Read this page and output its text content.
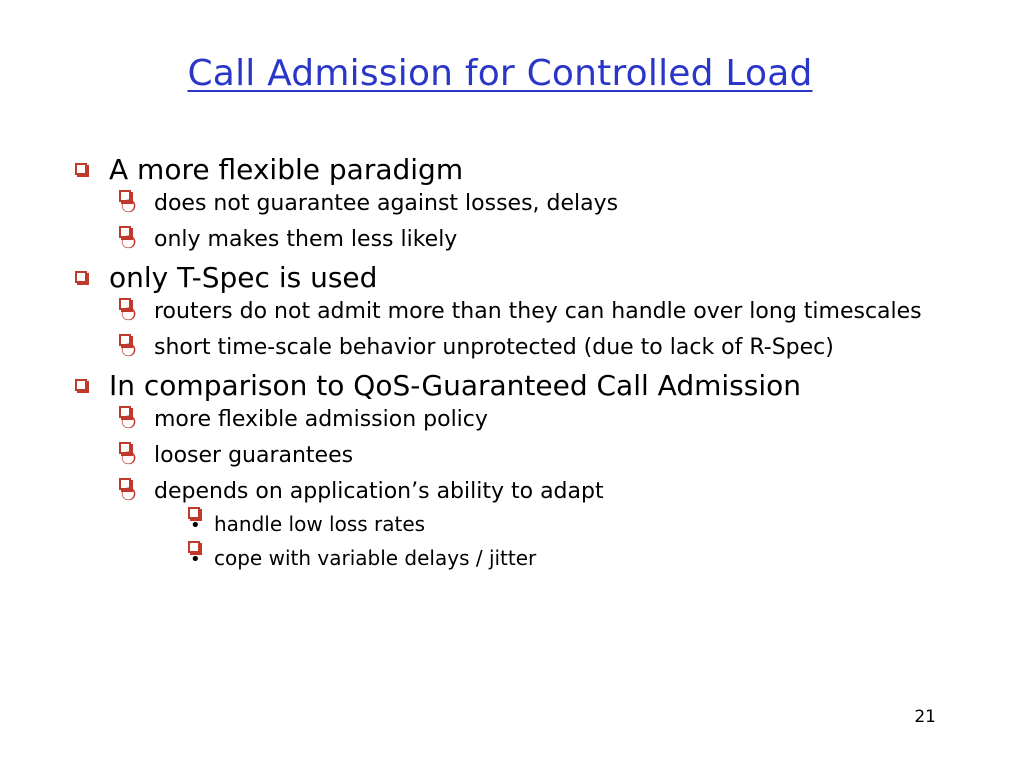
Call Admission for Controlled Load
A more flexible paradigm
❍ does not guarantee against losses, delays
❍ only makes them less likely
only T-Spec is used
❍ routers do not admit more than they can handle over long timescales
❍ short time-scale behavior unprotected (due to lack of R-Spec)
In comparison to QoS-Guaranteed Call Admission
❍ more flexible admission policy
❍ looser guarantees
❍ depends on application’s ability to adapt
• handle low loss rates
• cope with variable delays / jitter
21
